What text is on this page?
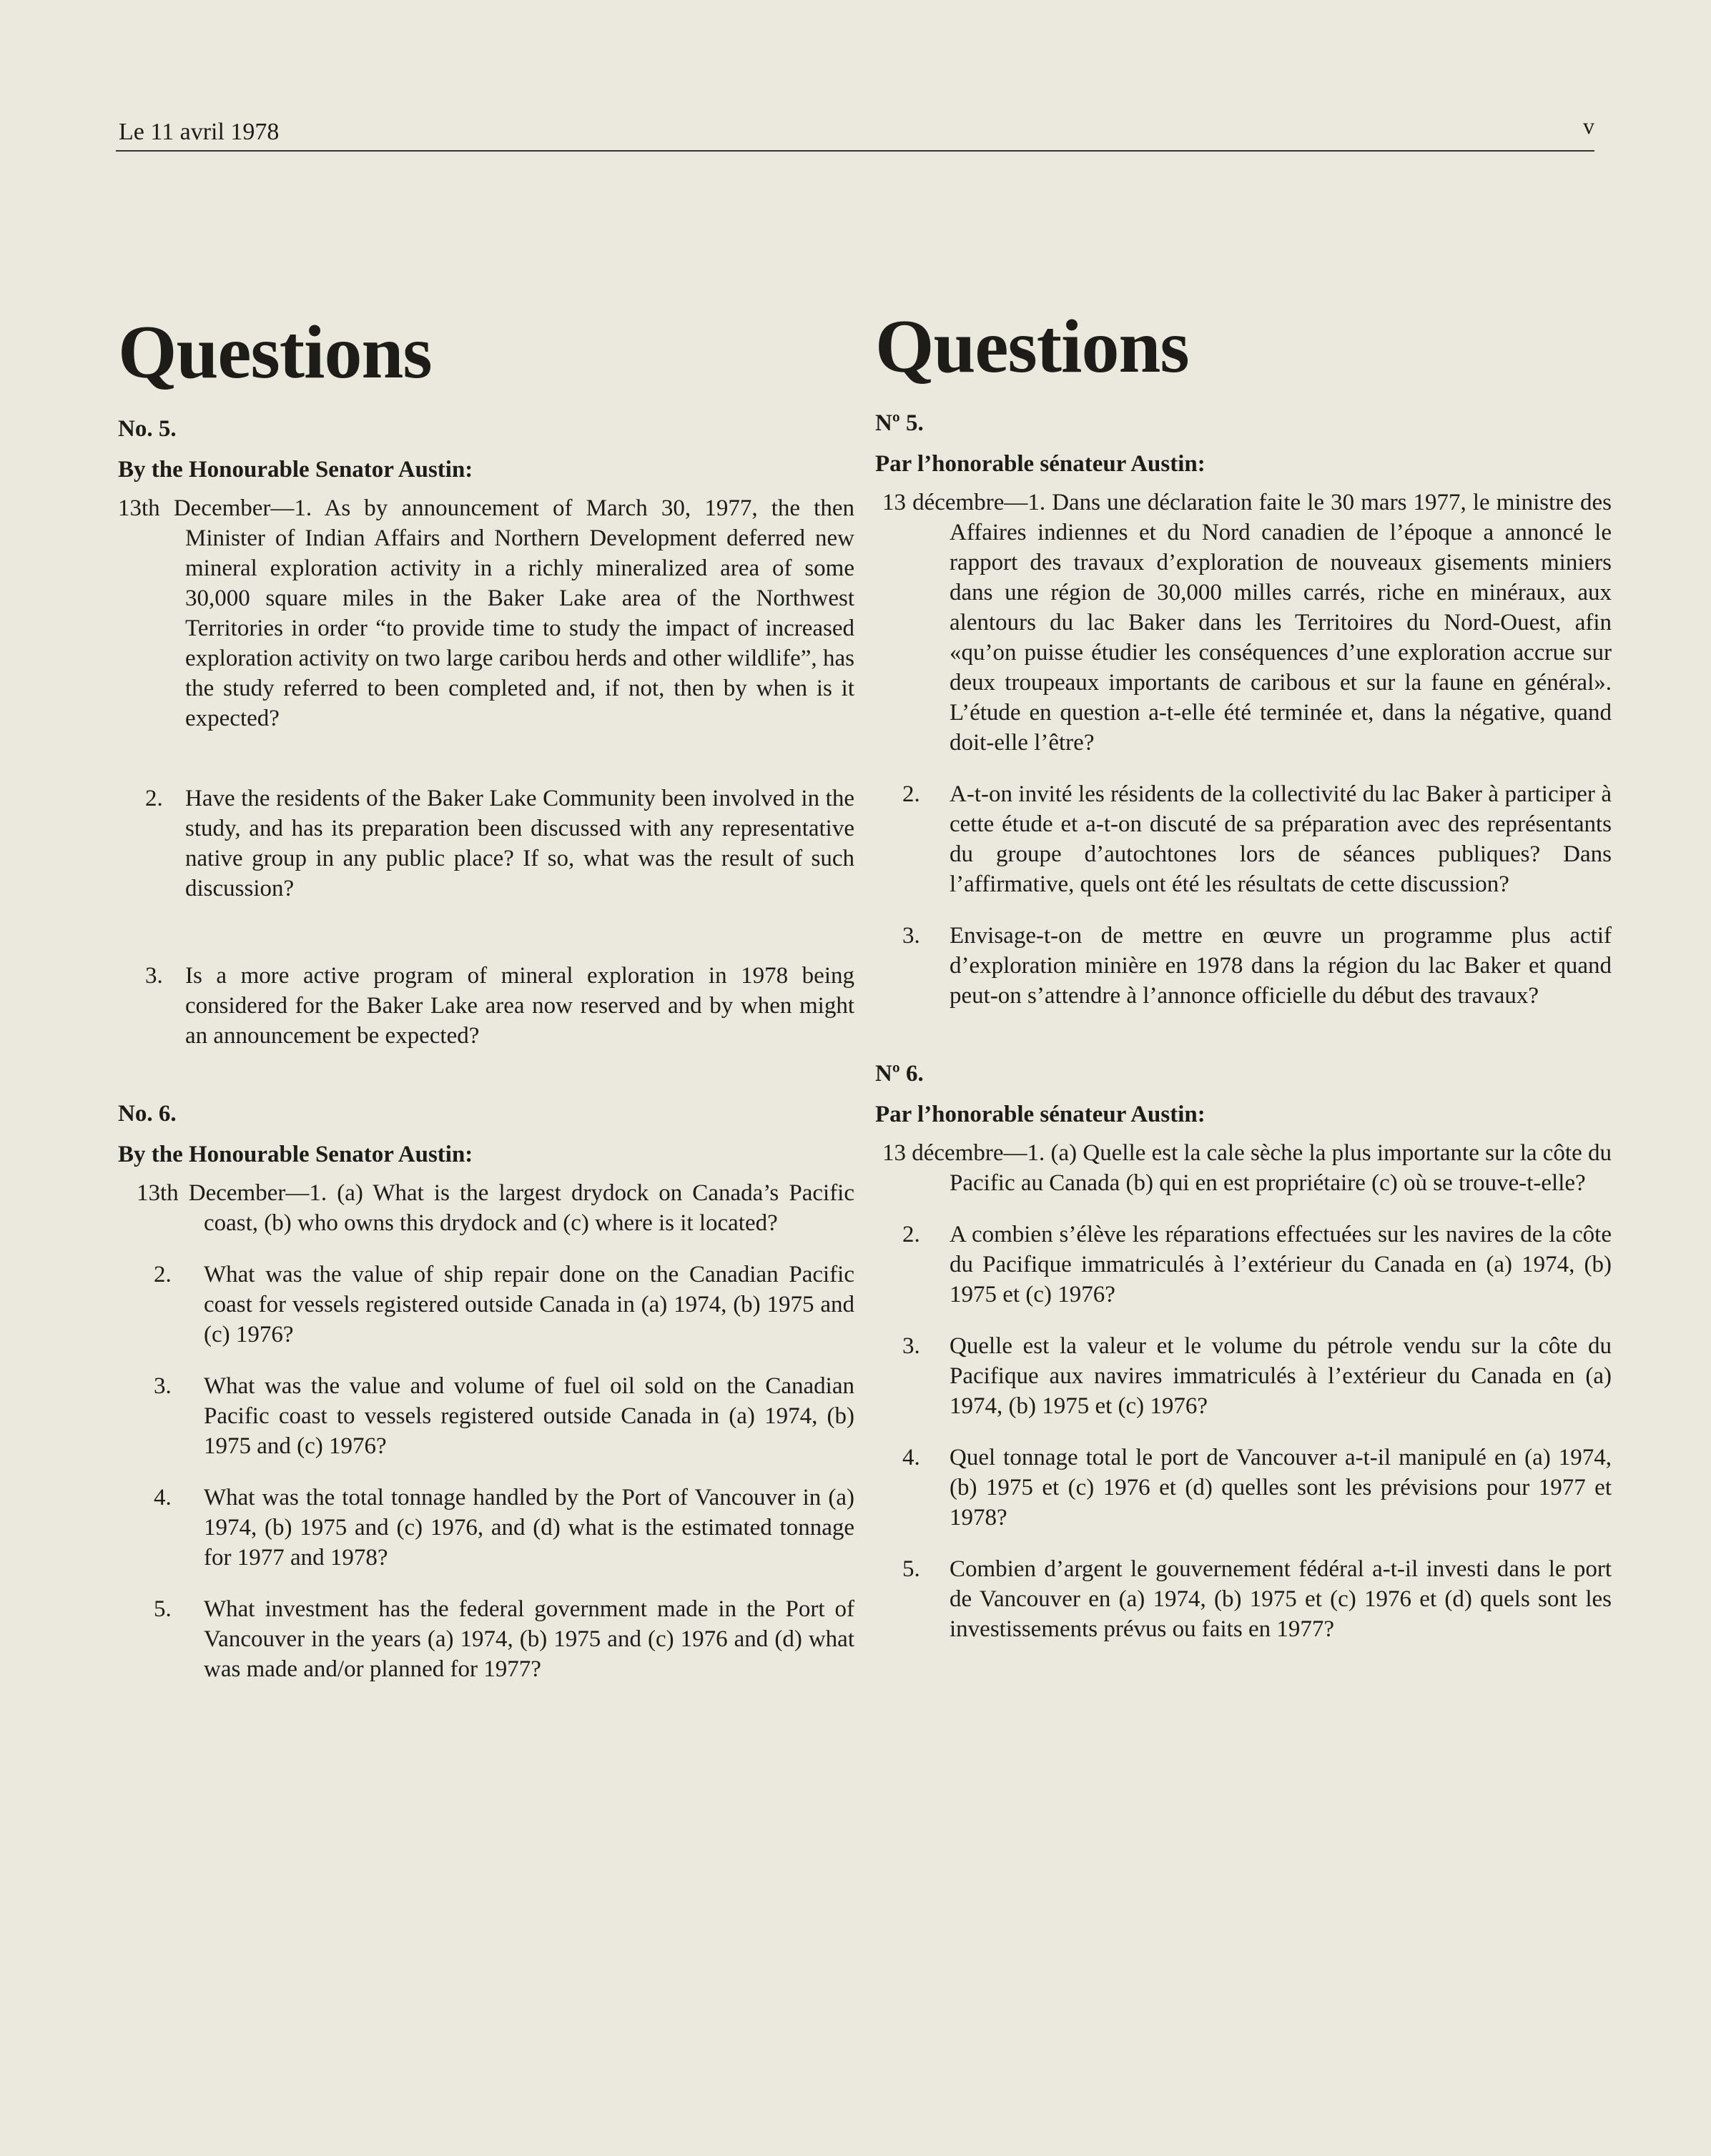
Le 11 avril 1978	v
Questions
No. 5.
By the Honourable Senator Austin:
13th December—1. As by announcement of March 30, 1977, the then Minister of Indian Affairs and Northern Development deferred new mineral exploration activity in a richly mineralized area of some 30,000 square miles in the Baker Lake area of the Northwest Territories in order “to provide time to study the impact of increased exploration activity on two large caribou herds and other wildlife”, has the study referred to been completed and, if not, then by when is it expected?
2. Have the residents of the Baker Lake Community been involved in the study, and has its preparation been discussed with any representative native group in any public place? If so, what was the result of such discussion?
3. Is a more active program of mineral exploration in 1978 being considered for the Baker Lake area now reserved and by when might an announcement be expected?
No. 6.
By the Honourable Senator Austin:
13th December—1. (a) What is the largest drydock on Canada’s Pacific coast, (b) who owns this drydock and (c) where is it located?
2. What was the value of ship repair done on the Canadian Pacific coast for vessels registered outside Canada in (a) 1974, (b) 1975 and (c) 1976?
3. What was the value and volume of fuel oil sold on the Canadian Pacific coast to vessels registered outside Canada in (a) 1974, (b) 1975 and (c) 1976?
4. What was the total tonnage handled by the Port of Vancouver in (a) 1974, (b) 1975 and (c) 1976, and (d) what is the estimated tonnage for 1977 and 1978?
5. What investment has the federal government made in the Port of Vancouver in the years (a) 1974, (b) 1975 and (c) 1976 and (d) what was made and/or planned for 1977?
Questions
Nº 5.
Par l’honorable sénateur Austin:
13 décembre—1. Dans une déclaration faite le 30 mars 1977, le ministre des Affaires indiennes et du Nord canadien de l’époque a annoncé le rapport des travaux d’exploration de nouveaux gisements miniers dans une région de 30,000 milles carrés, riche en minéraux, aux alentours du lac Baker dans les Territoires du Nord-Ouest, afin «qu’on puisse étudier les conséquences d’une exploration accrue sur deux troupeaux importants de caribous et sur la faune en général». L’étude en question a-t-elle été terminée et, dans la négative, quand doit-elle l’être?
2. A-t-on invité les résidents de la collectivité du lac Baker à participer à cette étude et a-t-on discuté de sa préparation avec des représentants du groupe d’autochtones lors de séances publiques? Dans l’affirmative, quels ont été les résultats de cette discussion?
3. Envisage-t-on de mettre en œuvre un programme plus actif d’exploration minière en 1978 dans la région du lac Baker et quand peut-on s’attendre à l’annonce officielle du début des travaux?
Nº 6.
Par l’honorable sénateur Austin:
13 décembre—1. (a) Quelle est la cale sèche la plus importante sur la côte du Pacific au Canada (b) qui en est propriétaire (c) où se trouve-t-elle?
2. A combien s’élève les réparations effectuées sur les navires de la côte du Pacifique immatriculés à l’extérieur du Canada en (a) 1974, (b) 1975 et (c) 1976?
3. Quelle est la valeur et le volume du pétrole vendu sur la côte du Pacifique aux navires immatriculés à l’extérieur du Canada en (a) 1974, (b) 1975 et (c) 1976?
4. Quel tonnage total le port de Vancouver a-t-il manipulé en (a) 1974, (b) 1975 et (c) 1976 et (d) quelles sont les prévisions pour 1977 et 1978?
5. Combien d’argent le gouvernement fédéral a-t-il investi dans le port de Vancouver en (a) 1974, (b) 1975 et (c) 1976 et (d) quels sont les investissements prévus ou faits en 1977?
